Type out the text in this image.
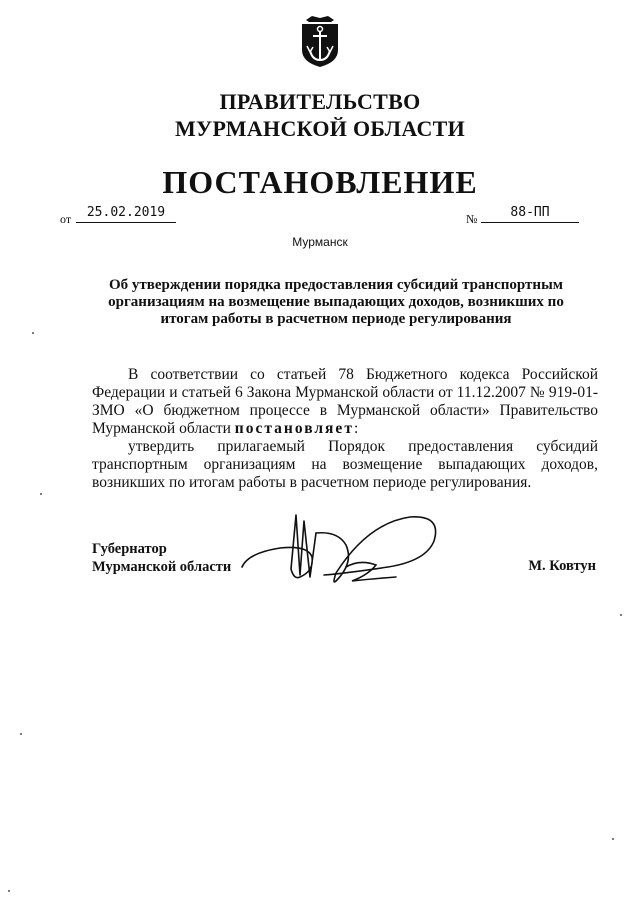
ПРАВИТЕЛЬСТВО
МУРМАНСКОЙ ОБЛАСТИ
ПОСТАНОВЛЕНИЕ
от	25.02.2019	№	88-ПП
Мурманск
Об утверждении порядка предоставления субсидий транспортным организациям на возмещение выпадающих доходов, возникших по итогам работы в расчетном периоде регулирования

В соответствии со статьей 78 Бюджетного кодекса Российской Федерации и статьей 6 Закона Мурманской области от 11.12.2007 № 919-01-ЗМО «О бюджетном процессе в Мурманской области» Правительство Мурманской области постановляет:

утвердить прилагаемый Порядок предоставления субсидий транспортным организациям на возмещение выпадающих доходов, возникших по итогам работы в расчетном периоде регулирования.

Губернатор
Мурманской области	М. Ковтун
